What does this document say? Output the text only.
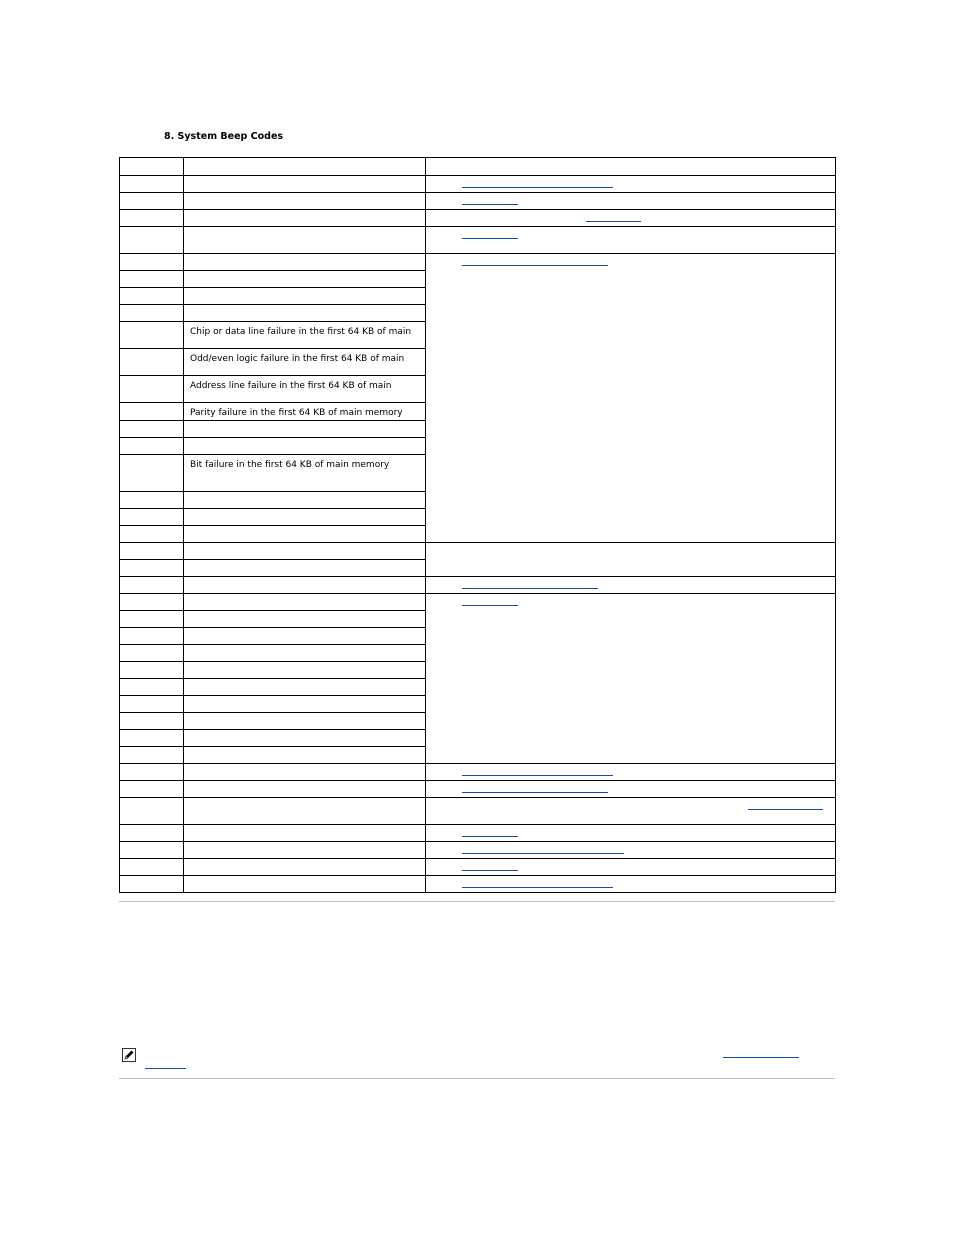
8. System Beep Codes

	Chip or data line failure in the first 64 KB of main		
	Odd/even logic failure in the first 64 KB of main		
	Address line failure in the first 64 KB of main		
	Parity failure in the first 64 KB of main memory		

	Bit failure in the first 64 KB of main memory		
